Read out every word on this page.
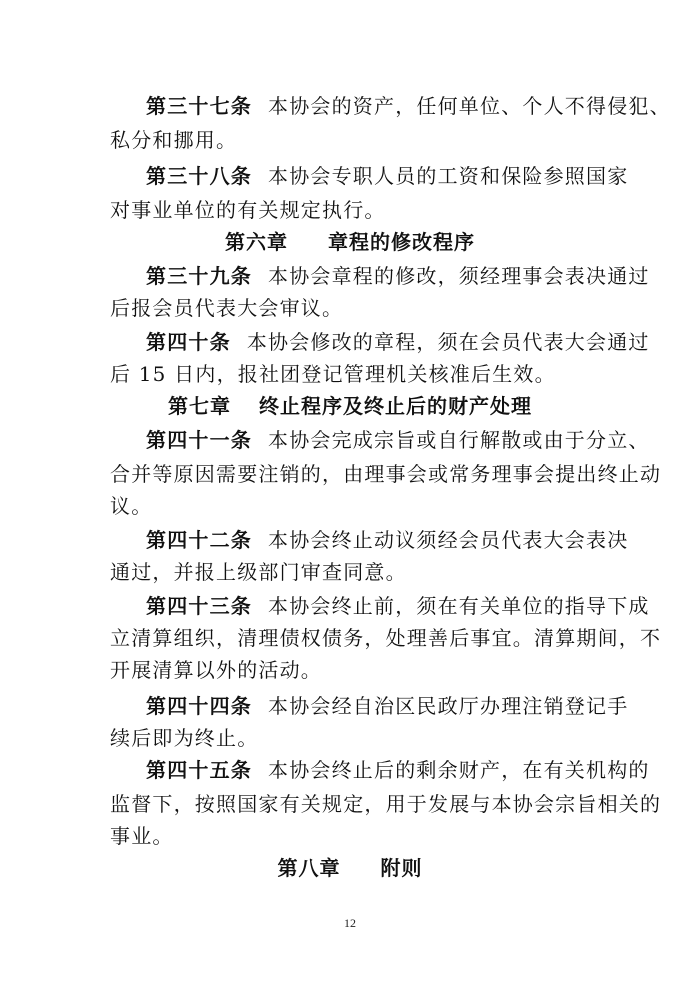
第三十七条 本协会的资产，任何单位、个人不得侵犯、
私分和挪用。
第三十八条 本协会专职人员的工资和保险参照国家
对事业单位的有关规定执行。
第六章 章程的修改程序
第三十九条 本协会章程的修改，须经理事会表决通过
后报会员代表大会审议。
第四十条 本协会修改的章程，须在会员代表大会通过
后 15 日内，报社团登记管理机关核准后生效。
第七章 终止程序及终止后的财产处理
第四十一条 本协会完成宗旨或自行解散或由于分立、
合并等原因需要注销的，由理事会或常务理事会提出终止动
议。
第四十二条 本协会终止动议须经会员代表大会表决
通过，并报上级部门审查同意。
第四十三条 本协会终止前，须在有关单位的指导下成
立清算组织，清理债权债务，处理善后事宜。清算期间，不
开展清算以外的活动。
第四十四条 本协会经自治区民政厅办理注销登记手
续后即为终止。
第四十五条 本协会终止后的剩余财产，在有关机构的
监督下，按照国家有关规定，用于发展与本协会宗旨相关的
事业。
第八章 附则
12
